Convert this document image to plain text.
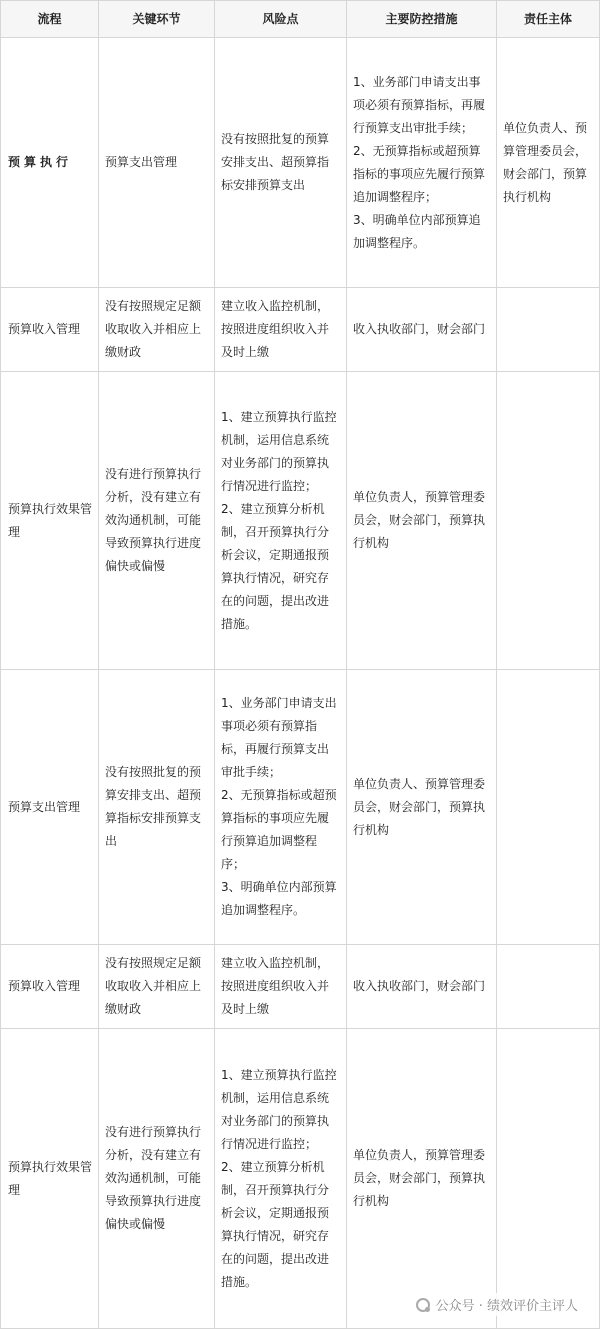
流程	关键环节	风险点	主要防控措施	责任主体
预算执行	预算支出管理	没有按照批复的预算安排支出、超预算指标安排预算支出	1、业务部门申请支出事项必须有预算指标，再履行预算支出审批手续；
2、无预算指标或超预算指标的事项应先履行预算追加调整程序；
3、明确单位内部预算追加调整程序。	单位负责人、预算管理委员会，财会部门，预算执行机构
预算收入管理	没有按照规定足额收取收入并相应上缴财政	建立收入监控机制，按照进度组织收入并及时上缴	收入执收部门，财会部门	
预算执行效果管理	没有进行预算执行分析，没有建立有效沟通机制，可能导致预算执行进度偏快或偏慢	1、建立预算执行监控机制，运用信息系统对业务部门的预算执行情况进行监控；
2、建立预算分析机制，召开预算执行分析会议，定期通报预算执行情况，研究存在的问题，提出改进措施。	单位负责人，预算管理委员会，财会部门，预算执行机构	
预算支出管理	没有按照批复的预算安排支出、超预算指标安排预算支出	1、业务部门申请支出事项必须有预算指标，再履行预算支出审批手续；
2、无预算指标或超预算指标的事项应先履行预算追加调整程序；
3、明确单位内部预算追加调整程序。	单位负责人、预算管理委员会，财会部门，预算执行机构	
预算收入管理	没有按照规定足额收取收入并相应上缴财政	建立收入监控机制，按照进度组织收入并及时上缴	收入执收部门，财会部门	
预算执行效果管理	没有进行预算执行分析，没有建立有效沟通机制，可能导致预算执行进度偏快或偏慢	1、建立预算执行监控机制，运用信息系统对业务部门的预算执行情况进行监控；
2、建立预算分析机制，召开预算执行分析会议，定期通报预算执行情况，研究存在的问题，提出改进措施。	单位负责人，预算管理委员会，财会部门，预算执行机构	
公众号 · 绩效评价主评人
